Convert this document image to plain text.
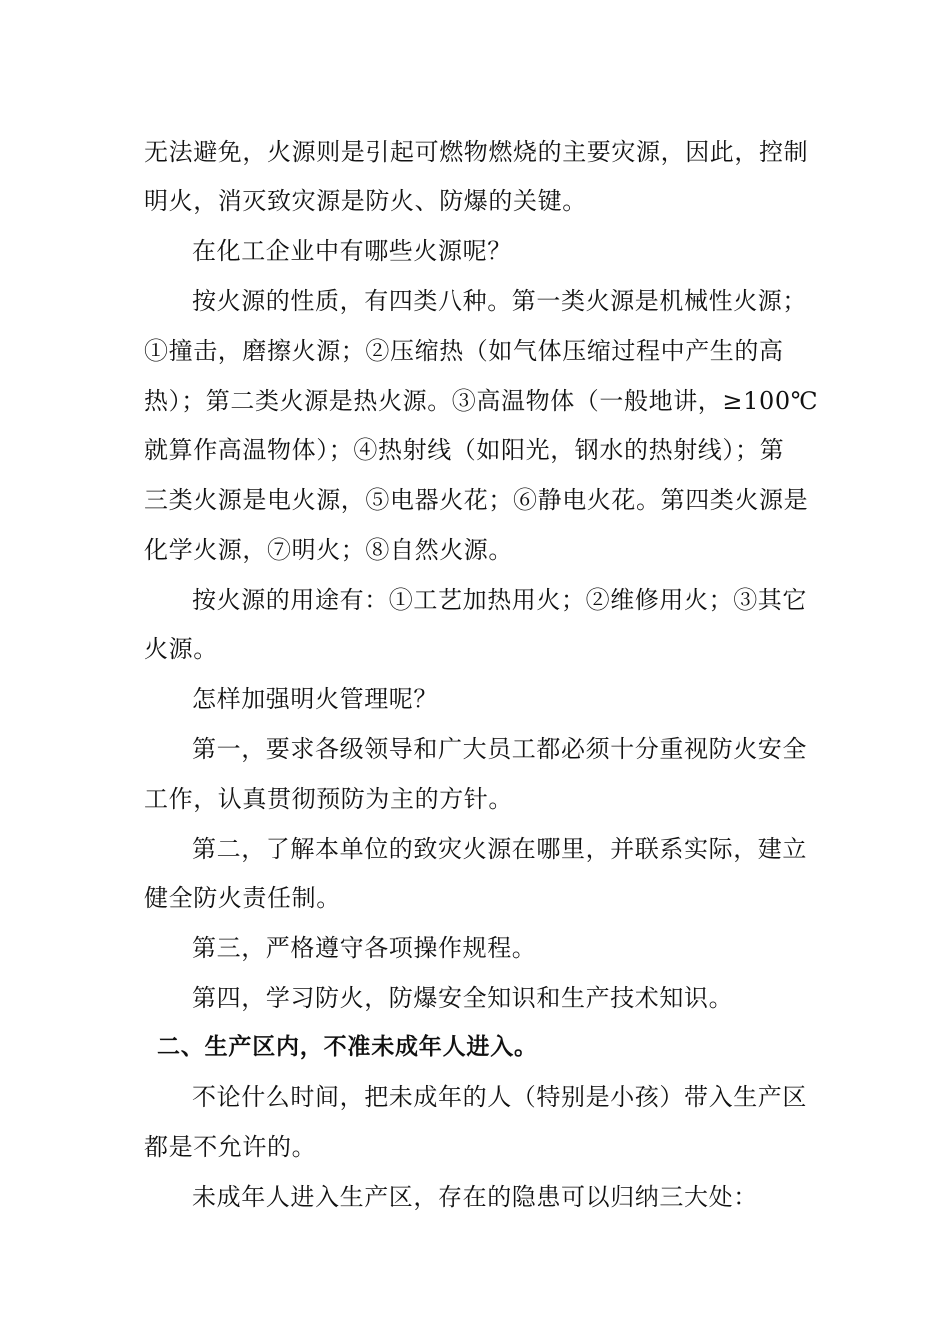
无法避免，火源则是引起可燃物燃烧的主要灾源，因此，控制
明火，消灭致灾源是防火、防爆的关键。
在化工企业中有哪些火源呢？
按火源的性质，有四类八种。第一类火源是机械性火源；
①撞击，磨擦火源；②压缩热（如气体压缩过程中产生的高
热）；第二类火源是热火源。③高温物体（一般地讲，≥100℃
就算作高温物体）；④热射线（如阳光，钢水的热射线）；第
三类火源是电火源，⑤电器火花；⑥静电火花。第四类火源是
化学火源，⑦明火；⑧自然火源。
按火源的用途有：①工艺加热用火；②维修用火；③其它
火源。
怎样加强明火管理呢？
第一，要求各级领导和广大员工都必须十分重视防火安全
工作，认真贯彻预防为主的方针。
第二，了解本单位的致灾火源在哪里，并联系实际，建立
健全防火责任制。
第三，严格遵守各项操作规程。
第四，学习防火，防爆安全知识和生产技术知识。
二、生产区内，不准未成年人进入。
不论什么时间，把未成年的人（特别是小孩）带入生产区
都是不允许的。
未成年人进入生产区，存在的隐患可以归纳三大处：
